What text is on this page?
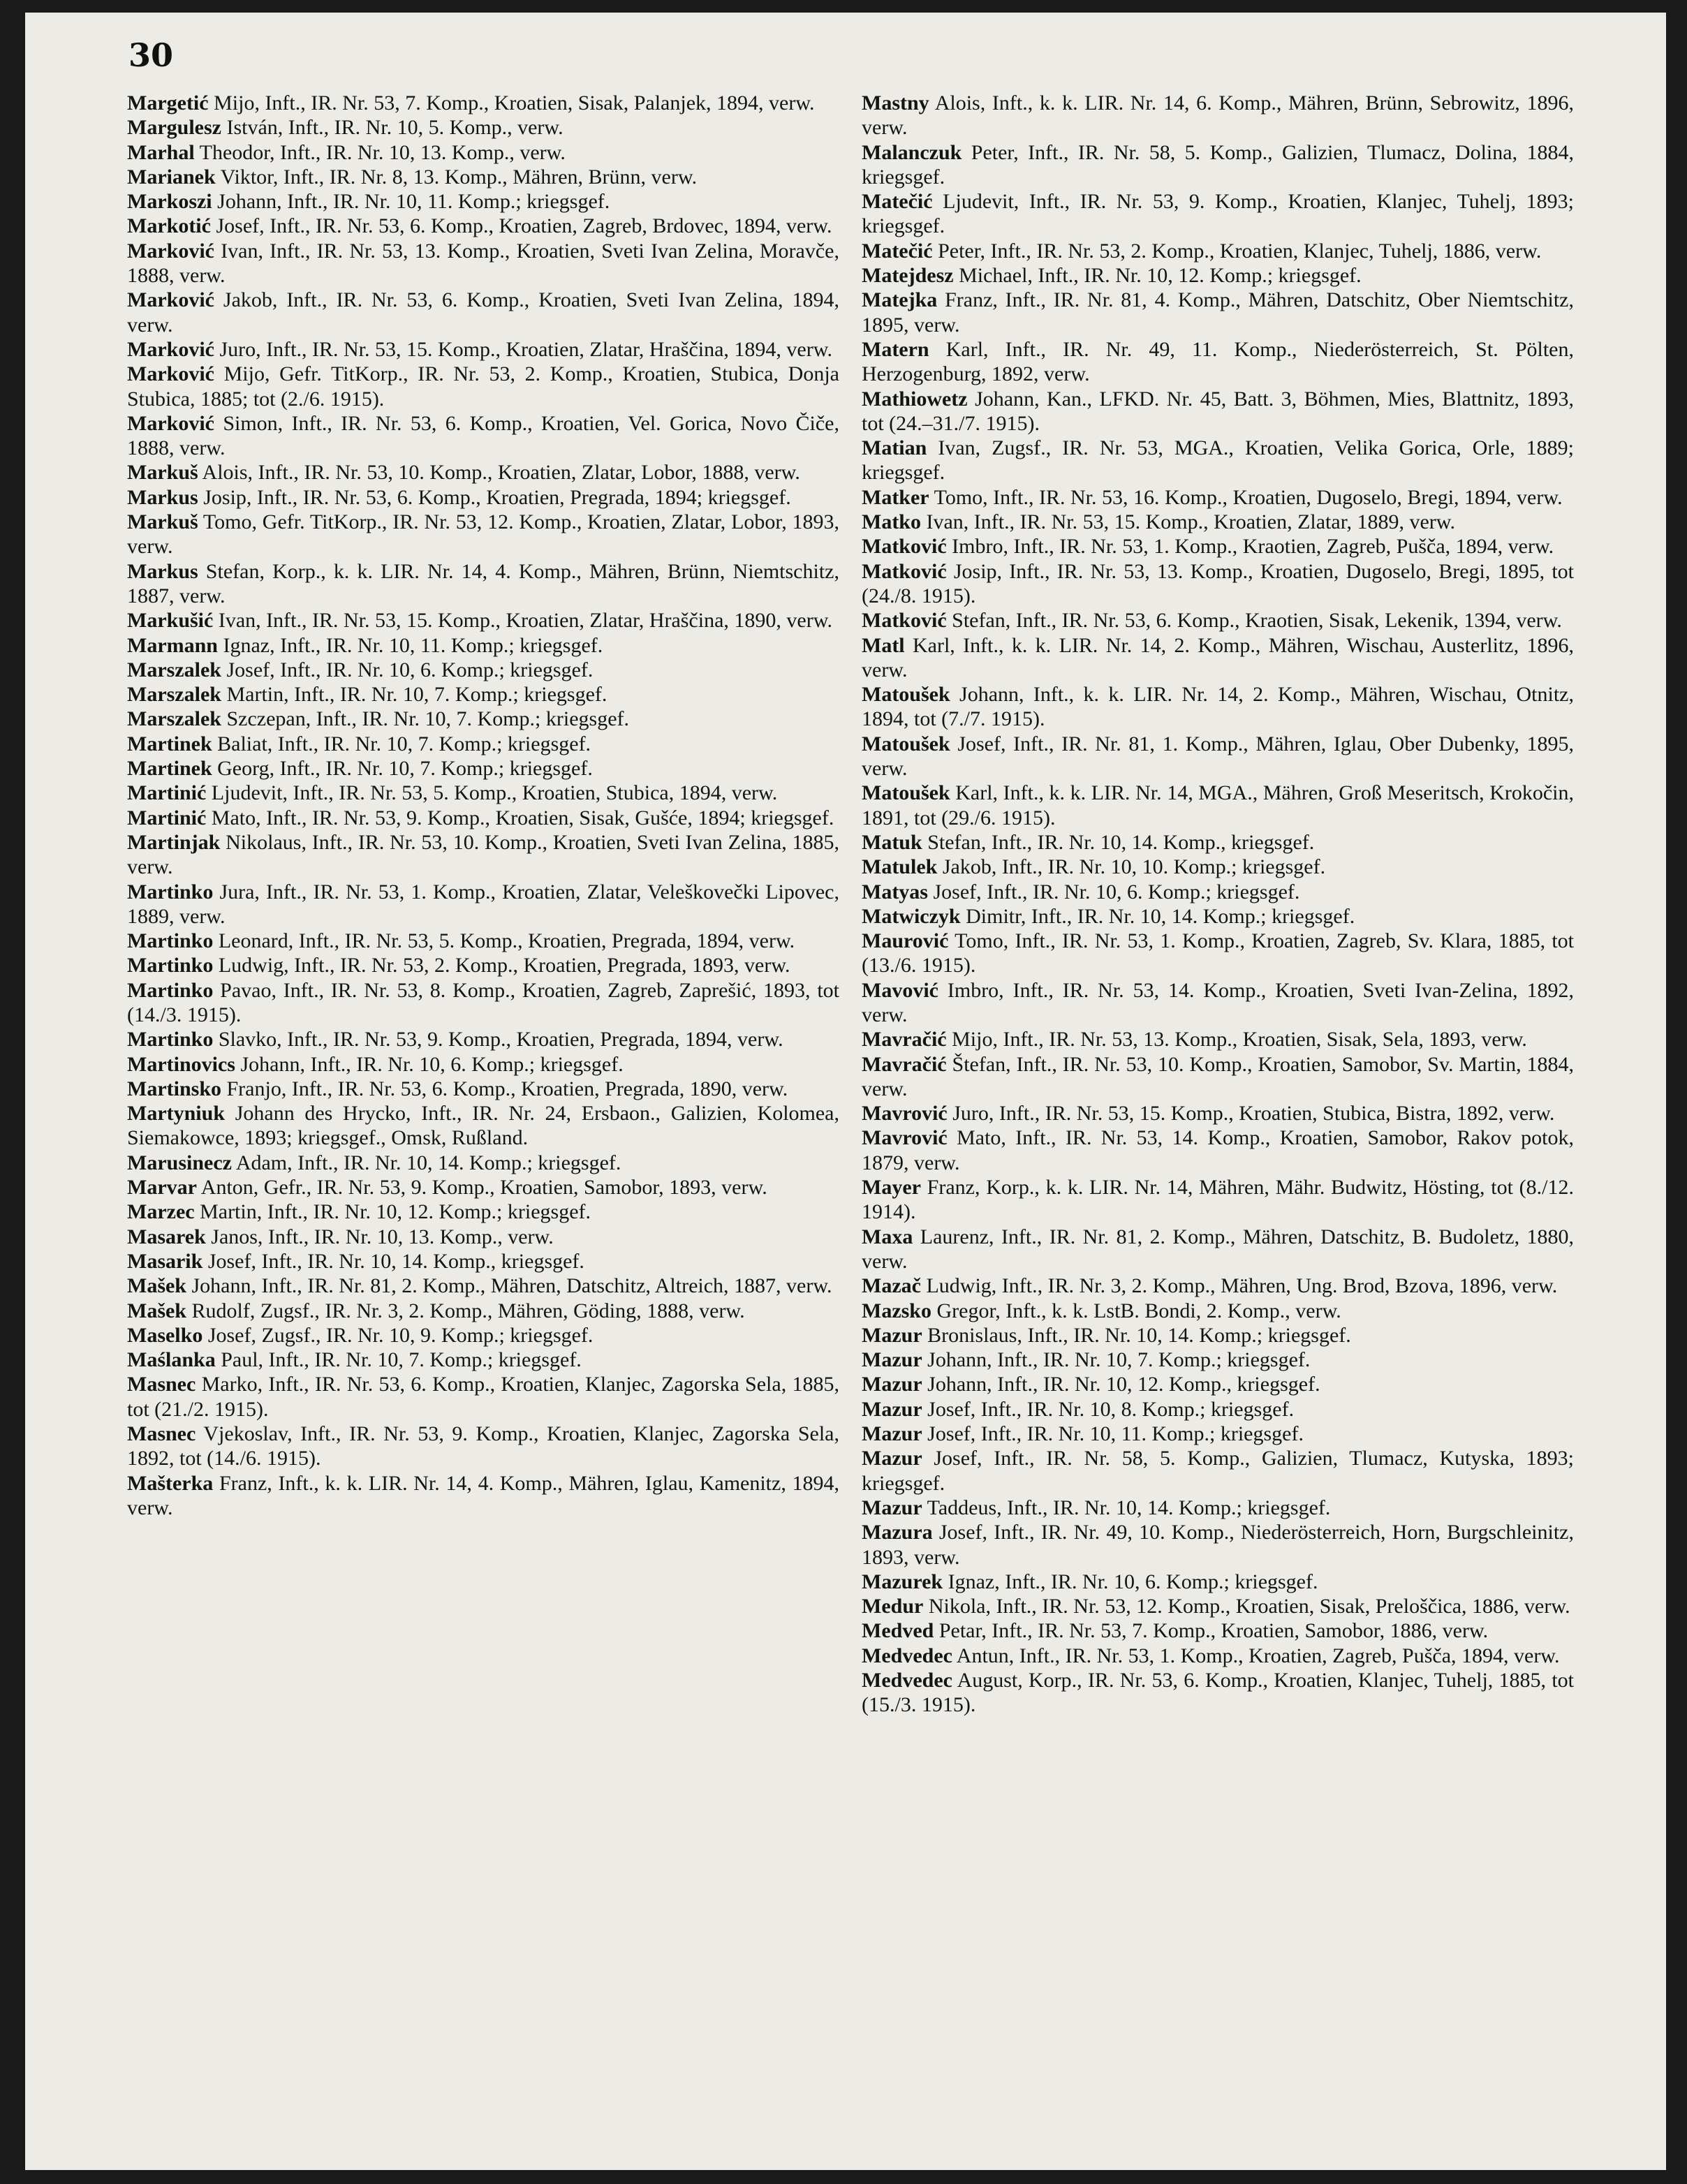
30
Margetić Mijo, Inft., IR. Nr. 53, 7. Komp., Kroatien, Sisak, Palanjek, 1894, verw.
Margulesz István, Inft., IR. Nr. 10, 5. Komp., verw.
Marhal Theodor, Inft., IR. Nr. 10, 13. Komp., verw.
Marianek Viktor, Inft., IR. Nr. 8, 13. Komp., Mähren, Brünn, verw.
Markoszi Johann, Inft., IR. Nr. 10, 11. Komp.; kriegsgef.
Markotić Josef, Inft., IR. Nr. 53, 6. Komp., Kroatien, Zagreb, Brdovec, 1894, verw.
Marković Ivan, Inft., IR. Nr. 53, 13. Komp., Kroatien, Sveti Ivan Zelina, Moravče, 1888, verw.
Marković Jakob, Inft., IR. Nr. 53, 6. Komp., Kroatien, Sveti Ivan Zelina, 1894, verw.
Marković Juro, Inft., IR. Nr. 53, 15. Komp., Kroatien, Zlatar, Hraščina, 1894, verw.
Marković Mijo, Gefr. TitKorp., IR. Nr. 53, 2. Komp., Kroatien, Stubica, Donja Stubica, 1885; tot (2./6. 1915).
Marković Simon, Inft., IR. Nr. 53, 6. Komp., Kroatien, Vel. Gorica, Novo Čiče, 1888, verw.
Markuš Alois, Inft., IR. Nr. 53, 10. Komp., Kroatien, Zlatar, Lobor, 1888, verw.
Markus Josip, Inft., IR. Nr. 53, 6. Komp., Kroatien, Pregrada, 1894; kriegsgef.
Markuš Tomo, Gefr. TitKorp., IR. Nr. 53, 12. Komp., Kroatien, Zlatar, Lobor, 1893, verw.
Markus Stefan, Korp., k. k. LIR. Nr. 14, 4. Komp., Mähren, Brünn, Niemtschitz, 1887, verw.
Markušić Ivan, Inft., IR. Nr. 53, 15. Komp., Kroatien, Zlatar, Hraščina, 1890, verw.
Marmann Ignaz, Inft., IR. Nr. 10, 11. Komp.; kriegsgef.
Marszalek Josef, Inft., IR. Nr. 10, 6. Komp.; kriegsgef.
Marszalek Martin, Inft., IR. Nr. 10, 7. Komp.; kriegsgef.
Marszalek Szczepan, Inft., IR. Nr. 10, 7. Komp.; kriegsgef.
Martinek Baliat, Inft., IR. Nr. 10, 7. Komp.; kriegsgef.
Martinek Georg, Inft., IR. Nr. 10, 7. Komp.; kriegsgef.
Martinić Ljudevit, Inft., IR. Nr. 53, 5. Komp., Kroatien, Stubica, 1894, verw.
Martinić Mato, Inft., IR. Nr. 53, 9. Komp., Kroatien, Sisak, Gušće, 1894; kriegsgef.
Martinjak Nikolaus, Inft., IR. Nr. 53, 10. Komp., Kroatien, Sveti Ivan Zelina, 1885, verw.
Martinko Jura, Inft., IR. Nr. 53, 1. Komp., Kroatien, Zlatar, Veleškovečki Lipovec, 1889, verw.
Martinko Leonard, Inft., IR. Nr. 53, 5. Komp., Kroatien, Pregrada, 1894, verw.
Martinko Ludwig, Inft., IR. Nr. 53, 2. Komp., Kroatien, Pregrada, 1893, verw.
Martinko Pavao, Inft., IR. Nr. 53, 8. Komp., Kroatien, Zagreb, Zaprešić, 1893, tot (14./3. 1915).
Martinko Slavko, Inft., IR. Nr. 53, 9. Komp., Kroatien, Pregrada, 1894, verw.
Martinovics Johann, Inft., IR. Nr. 10, 6. Komp.; kriegsgef.
Martinsko Franjo, Inft., IR. Nr. 53, 6. Komp., Kroatien, Pregrada, 1890, verw.
Martyniuk Johann des Hrycko, Inft., IR. Nr. 24, Ersbaon., Galizien, Kolomea, Siemakowce, 1893; kriegsgef., Omsk, Rußland.
Marusinecz Adam, Inft., IR. Nr. 10, 14. Komp.; kriegsgef.
Marvar Anton, Gefr., IR. Nr. 53, 9. Komp., Kroatien, Samobor, 1893, verw.
Marzec Martin, Inft., IR. Nr. 10, 12. Komp.; kriegsgef.
Masarek Janos, Inft., IR. Nr. 10, 13. Komp., verw.
Masarik Josef, Inft., IR. Nr. 10, 14. Komp., kriegsgef.
Mašek Johann, Inft., IR. Nr. 81, 2. Komp., Mähren, Datschitz, Altreich, 1887, verw.
Mašek Rudolf, Zugsf., IR. Nr. 3, 2. Komp., Mähren, Göding, 1888, verw.
Maselko Josef, Zugsf., IR. Nr. 10, 9. Komp.; kriegsgef.
Maślanka Paul, Inft., IR. Nr. 10, 7. Komp.; kriegsgef.
Masnec Marko, Inft., IR. Nr. 53, 6. Komp., Kroatien, Klanjec, Zagorska Sela, 1885, tot (21./2. 1915).
Masnec Vjekoslav, Inft., IR. Nr. 53, 9. Komp., Kroatien, Klanjec, Zagorska Sela, 1892, tot (14./6. 1915).
Mašterka Franz, Inft., k. k. LIR. Nr. 14, 4. Komp., Mähren, Iglau, Kamenitz, 1894, verw.
Mastny Alois, Inft., k. k. LIR. Nr. 14, 6. Komp., Mähren, Brünn, Sebrowitz, 1896, verw.
Malanczuk Peter, Inft., IR. Nr. 58, 5. Komp., Galizien, Tlumacz, Dolina, 1884, kriegsgef.
Matečić Ljudevit, Inft., IR. Nr. 53, 9. Komp., Kroatien, Klanjec, Tuhelj, 1893; kriegsgef.
Matečić Peter, Inft., IR. Nr. 53, 2. Komp., Kroatien, Klanjec, Tuhelj, 1886, verw.
Matejdesz Michael, Inft., IR. Nr. 10, 12. Komp.; kriegsgef.
Matejka Franz, Inft., IR. Nr. 81, 4. Komp., Mähren, Datschitz, Ober Niemtschitz, 1895, verw.
Matern Karl, Inft., IR. Nr. 49, 11. Komp., Niederösterreich, St. Pölten, Herzogenburg, 1892, verw.
Mathiowetz Johann, Kan., LFKD. Nr. 45, Batt. 3, Böhmen, Mies, Blattnitz, 1893, tot (24.–31./7. 1915).
Matian Ivan, Zugsf., IR. Nr. 53, MGA., Kroatien, Velika Gorica, Orle, 1889; kriegsgef.
Matker Tomo, Inft., IR. Nr. 53, 16. Komp., Kroatien, Dugoselo, Bregi, 1894, verw.
Matko Ivan, Inft., IR. Nr. 53, 15. Komp., Kroatien, Zlatar, 1889, verw.
Matković Imbro, Inft., IR. Nr. 53, 1. Komp., Kraotien, Zagreb, Pušča, 1894, verw.
Matković Josip, Inft., IR. Nr. 53, 13. Komp., Kroatien, Dugoselo, Bregi, 1895, tot (24./8. 1915).
Matković Stefan, Inft., IR. Nr. 53, 6. Komp., Kraotien, Sisak, Lekenik, 1394, verw.
Matl Karl, Inft., k. k. LIR. Nr. 14, 2. Komp., Mähren, Wischau, Austerlitz, 1896, verw.
Matoušek Johann, Inft., k. k. LIR. Nr. 14, 2. Komp., Mähren, Wischau, Otnitz, 1894, tot (7./7. 1915).
Matoušek Josef, Inft., IR. Nr. 81, 1. Komp., Mähren, Iglau, Ober Dubenky, 1895, verw.
Matoušek Karl, Inft., k. k. LIR. Nr. 14, MGA., Mähren, Groß Meseritsch, Krokočin, 1891, tot (29./6. 1915).
Matuk Stefan, Inft., IR. Nr. 10, 14. Komp., kriegsgef.
Matulek Jakob, Inft., IR. Nr. 10, 10. Komp.; kriegsgef.
Matyas Josef, Inft., IR. Nr. 10, 6. Komp.; kriegsgef.
Matwiczyk Dimitr, Inft., IR. Nr. 10, 14. Komp.; kriegsgef.
Maurović Tomo, Inft., IR. Nr. 53, 1. Komp., Kroatien, Zagreb, Sv. Klara, 1885, tot (13./6. 1915).
Mavović Imbro, Inft., IR. Nr. 53, 14. Komp., Kroatien, Sveti Ivan-Zelina, 1892, verw.
Mavračić Mijo, Inft., IR. Nr. 53, 13. Komp., Kroatien, Sisak, Sela, 1893, verw.
Mavračić Štefan, Inft., IR. Nr. 53, 10. Komp., Kroatien, Samobor, Sv. Martin, 1884, verw.
Mavrović Juro, Inft., IR. Nr. 53, 15. Komp., Kroatien, Stubica, Bistra, 1892, verw.
Mavrović Mato, Inft., IR. Nr. 53, 14. Komp., Kroatien, Samobor, Rakov potok, 1879, verw.
Mayer Franz, Korp., k. k. LIR. Nr. 14, Mähren, Mähr. Budwitz, Hösting, tot (8./12. 1914).
Maxa Laurenz, Inft., IR. Nr. 81, 2. Komp., Mähren, Datschitz, B. Budoletz, 1880, verw.
Mazač Ludwig, Inft., IR. Nr. 3, 2. Komp., Mähren, Ung. Brod, Bzova, 1896, verw.
Mazsko Gregor, Inft., k. k. LstB. Bondi, 2. Komp., verw.
Mazur Bronislaus, Inft., IR. Nr. 10, 14. Komp.; kriegsgef.
Mazur Johann, Inft., IR. Nr. 10, 7. Komp.; kriegsgef.
Mazur Johann, Inft., IR. Nr. 10, 12. Komp., kriegsgef.
Mazur Josef, Inft., IR. Nr. 10, 8. Komp.; kriegsgef.
Mazur Josef, Inft., IR. Nr. 10, 11. Komp.; kriegsgef.
Mazur Josef, Inft., IR. Nr. 58, 5. Komp., Galizien, Tlumacz, Kutyska, 1893; kriegsgef.
Mazur Taddeus, Inft., IR. Nr. 10, 14. Komp.; kriegsgef.
Mazura Josef, Inft., IR. Nr. 49, 10. Komp., Niederösterreich, Horn, Burgschleinitz, 1893, verw.
Mazurek Ignaz, Inft., IR. Nr. 10, 6. Komp.; kriegsgef.
Medur Nikola, Inft., IR. Nr. 53, 12. Komp., Kroatien, Sisak, Preloščica, 1886, verw.
Medved Petar, Inft., IR. Nr. 53, 7. Komp., Kroatien, Samobor, 1886, verw.
Medvedec Antun, Inft., IR. Nr. 53, 1. Komp., Kroatien, Zagreb, Pušča, 1894, verw.
Medvedec August, Korp., IR. Nr. 53, 6. Komp., Kroatien, Klanjec, Tuhelj, 1885, tot (15./3. 1915).
